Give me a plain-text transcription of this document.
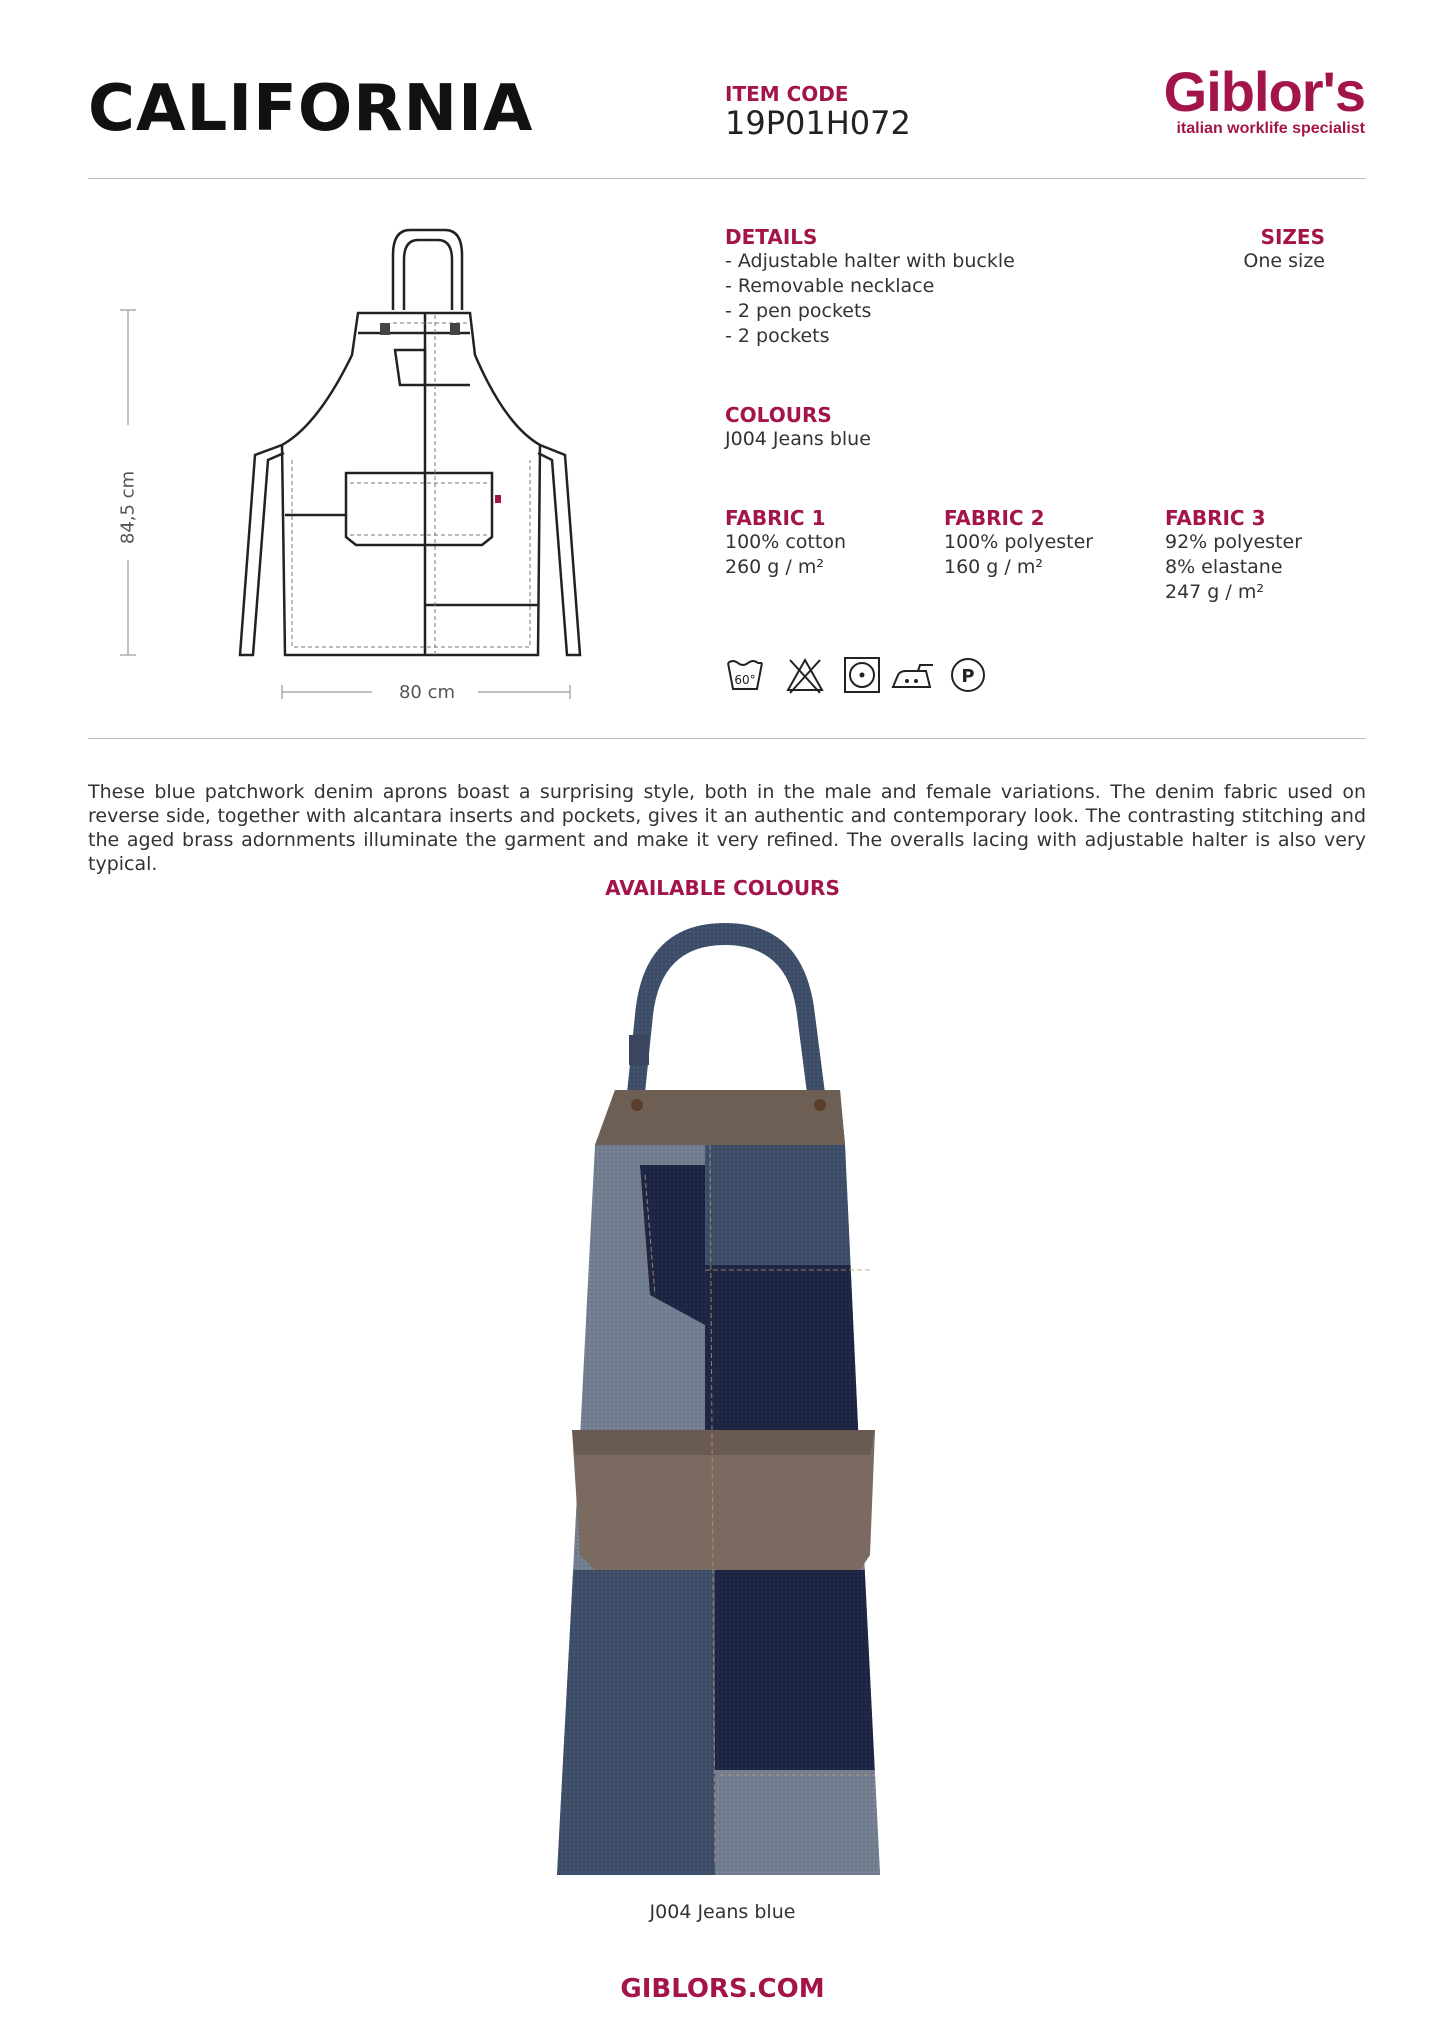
CALIFORNIA	ITEM CODE
19P01H072	Giblor's
italian worklife specialist
84,5 cm
80 cm
DETAILS
- Adjustable halter with buckle
- Removable necklace
- 2 pen pockets
- 2 pockets
SIZES
One size
COLOURS
J004 Jeans blue
FABRIC 1
100% cotton
260 g / m²
FABRIC 2
100% polyester
160 g / m²
FABRIC 3
92% polyester
8% elastane
247 g / m²
60°	P
These blue patchwork denim aprons boast a surprising style, both in the male and female variations. The denim fabric used on reverse side, together with alcantara inserts and pockets, gives it an authentic and contemporary look. The contrasting stitching and the aged brass adornments illuminate the garment and make it very refined. The overalls lacing with adjustable halter is also very typical.
AVAILABLE COLOURS
J004 Jeans blue
GIBLORS.COM
